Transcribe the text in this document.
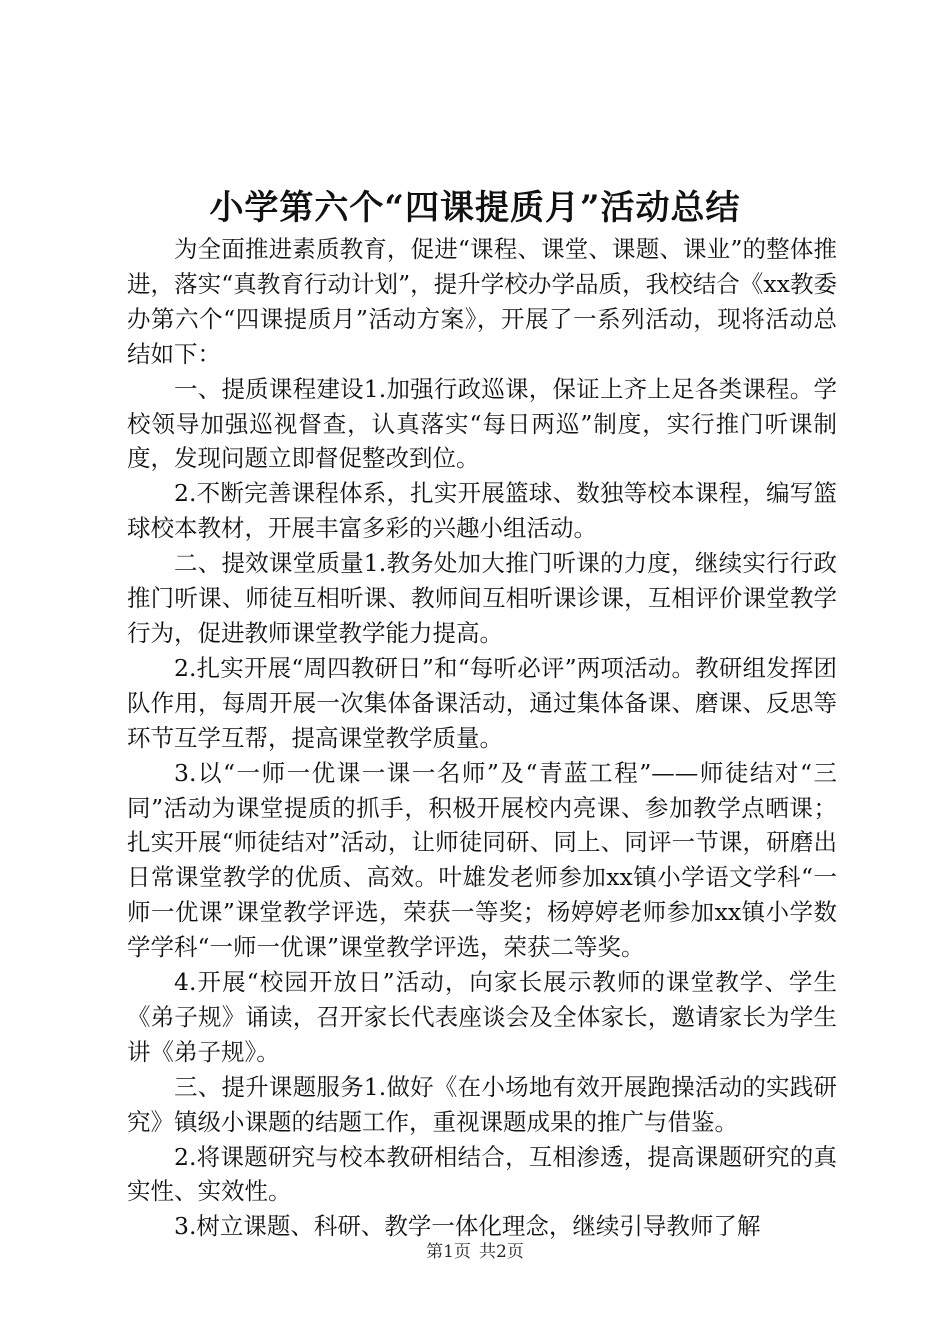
小学第六个“四课提质月”活动总结

为全面推进素质教育，促进“课程、课堂、课题、课业”的整体推进，落实“真教育行动计划”，提升学校办学品质，我校结合《xx教委办第六个“四课提质月”活动方案》，开展了一系列活动，现将活动总结如下：

一、提质课程建设1.加强行政巡课，保证上齐上足各类课程。学校领导加强巡视督查，认真落实“每日两巡”制度，实行推门听课制度，发现问题立即督促整改到位。

2.不断完善课程体系，扎实开展篮球、数独等校本课程，编写篮球校本教材，开展丰富多彩的兴趣小组活动。

二、提效课堂质量1.教务处加大推门听课的力度，继续实行行政推门听课、师徒互相听课、教师间互相听课诊课，互相评价课堂教学行为，促进教师课堂教学能力提高。

2.扎实开展“周四教研日”和“每听必评”两项活动。教研组发挥团队作用，每周开展一次集体备课活动，通过集体备课、磨课、反思等环节互学互帮，提高课堂教学质量。

3.以“一师一优课一课一名师”及“青蓝工程”——师徒结对“三同”活动为课堂提质的抓手，积极开展校内亮课、参加教学点晒课；扎实开展“师徒结对”活动，让师徒同研、同上、同评一节课，研磨出日常课堂教学的优质、高效。叶雄发老师参加xx镇小学语文学科“一师一优课”课堂教学评选，荣获一等奖；杨婷婷老师参加xx镇小学数学学科“一师一优课”课堂教学评选，荣获二等奖。

4.开展“校园开放日”活动，向家长展示教师的课堂教学、学生《弟子规》诵读，召开家长代表座谈会及全体家长，邀请家长为学生讲《弟子规》。

三、提升课题服务1.做好《在小场地有效开展跑操活动的实践研究》镇级小课题的结题工作，重视课题成果的推广与借鉴。

2.将课题研究与校本教研相结合，互相渗透，提高课题研究的真实性、实效性。

3.树立课题、科研、教学一体化理念，继续引导教师了解

第1页 共2页
